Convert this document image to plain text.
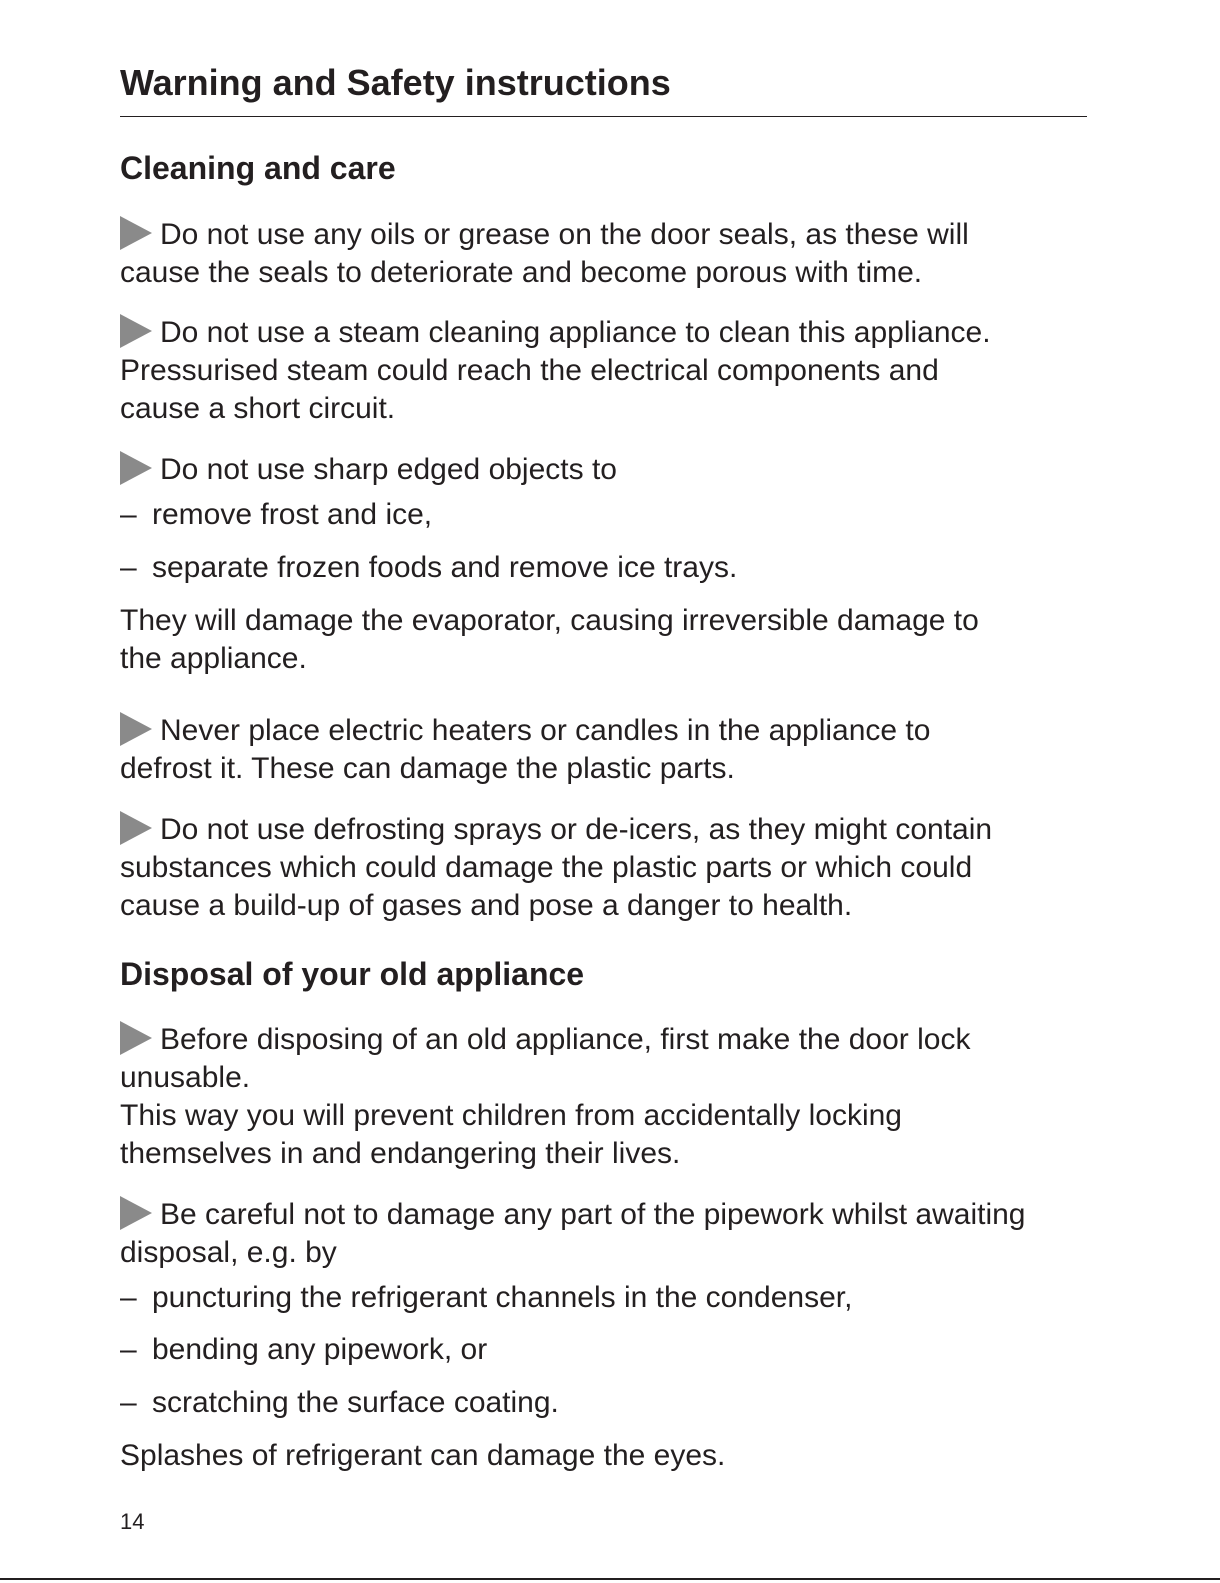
Warning and Safety instructions
Cleaning and care

Do not use any oils or grease on the door seals, as these will
cause the seals to deteriorate and become porous with time.

Do not use a steam cleaning appliance to clean this appliance.
Pressurised steam could reach the electrical components and
cause a short circuit.

Do not use sharp edged objects to

– remove frost and ice,

– separate frozen foods and remove ice trays.

They will damage the evaporator, causing irreversible damage to
the appliance.

Never place electric heaters or candles in the appliance to
defrost it. These can damage the plastic parts.

Do not use defrosting sprays or de-icers, as they might contain
substances which could damage the plastic parts or which could
cause a build-up of gases and pose a danger to health.

Disposal of your old appliance

Before disposing of an old appliance, first make the door lock
unusable.
This way you will prevent children from accidentally locking
themselves in and endangering their lives.

Be careful not to damage any part of the pipework whilst awaiting
disposal, e.g. by

– puncturing the refrigerant channels in the condenser,

– bending any pipework, or

– scratching the surface coating.

Splashes of refrigerant can damage the eyes.

14
